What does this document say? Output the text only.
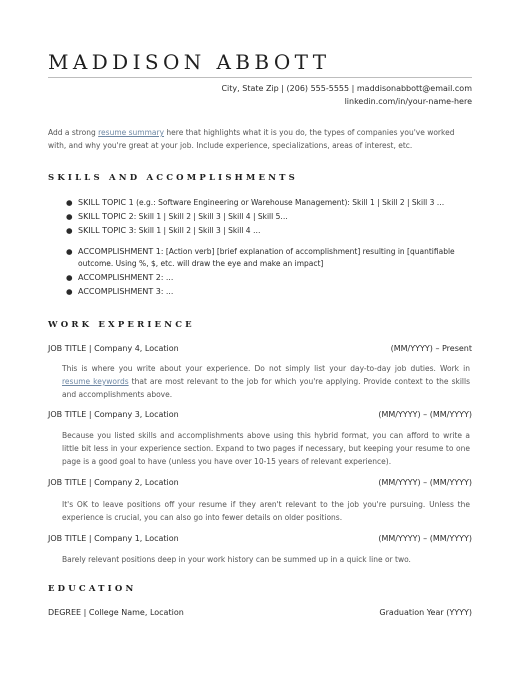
MADDISON ABBOTT
City, State Zip | (206) 555-5555 | maddisonabbott@email.com
linkedin.com/in/your-name-here
Add a strong resume summary here that highlights what it is you do, the types of companies you've worked with, and why you're great at your job. Include experience, specializations, areas of interest, etc.
SKILLS AND ACCOMPLISHMENTS
● SKILL TOPIC 1 (e.g.: Software Engineering or Warehouse Management): Skill 1 | Skill 2 | Skill 3 …
● SKILL TOPIC 2: Skill 1 | Skill 2 | Skill 3 | Skill 4 | Skill 5…
● SKILL TOPIC 3: Skill 1 | Skill 2 | Skill 3 | Skill 4 …
● ACCOMPLISHMENT 1: [Action verb] [brief explanation of accomplishment] resulting in [quantifiable outcome. Using %, $, etc. will draw the eye and make an impact]
● ACCOMPLISHMENT 2: …
● ACCOMPLISHMENT 3: …
WORK EXPERIENCE
JOB TITLE | Company 4, Location	(MM/YYYY) – Present
This is where you write about your experience. Do not simply list your day-to-day job duties. Work in resume keywords that are most relevant to the job for which you're applying. Provide context to the skills and accomplishments above.
JOB TITLE | Company 3, Location	(MM/YYYY) – (MM/YYYY)
Because you listed skills and accomplishments above using this hybrid format, you can afford to write a little bit less in your experience section. Expand to two pages if necessary, but keeping your resume to one page is a good goal to have (unless you have over 10-15 years of relevant experience).
JOB TITLE | Company 2, Location	(MM/YYYY) – (MM/YYYY)
It's OK to leave positions off your resume if they aren't relevant to the job you're pursuing. Unless the experience is crucial, you can also go into fewer details on older positions.
JOB TITLE | Company 1, Location	(MM/YYYY) – (MM/YYYY)
Barely relevant positions deep in your work history can be summed up in a quick line or two.
EDUCATION
DEGREE | College Name, Location	Graduation Year (YYYY)
